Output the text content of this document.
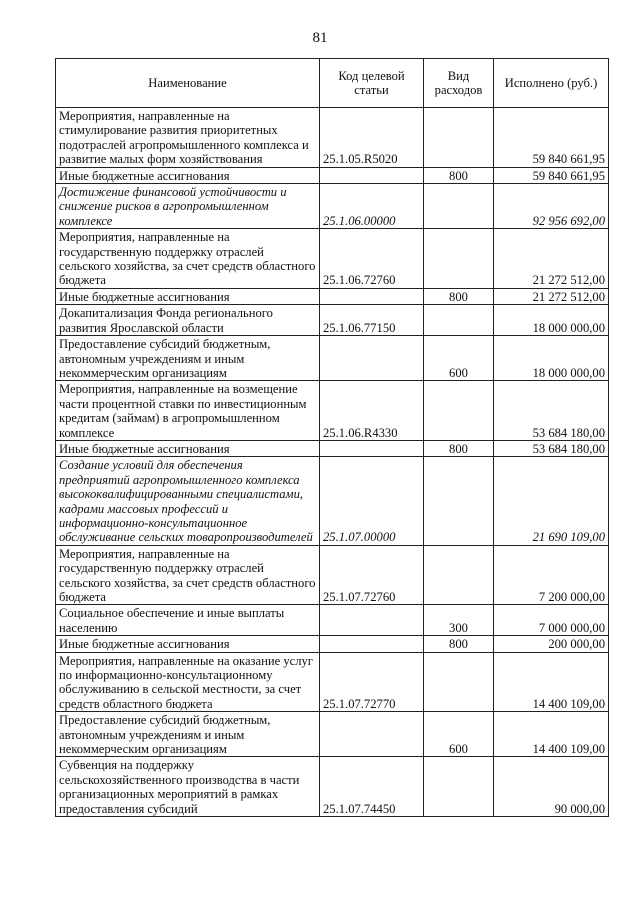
81
Наименование	Код целевой статьи	Вид расходов	Исполнено (руб.)
Мероприятия, направленные на стимулирование развития приоритетных подотраслей агропромышленного комплекса и развитие малых форм хозяйствования	25.1.05.R5020		59 840 661,95
Иные бюджетные ассигнования		800	59 840 661,95
Достижение финансовой устойчивости и снижение рисков в агропромышленном комплексе	25.1.06.00000		92 956 692,00
Мероприятия, направленные на государственную поддержку отраслей сельского хозяйства, за счет средств областного бюджета	25.1.06.72760		21 272 512,00
Иные бюджетные ассигнования		800	21 272 512,00
Докапитализация Фонда регионального развития Ярославской области	25.1.06.77150		18 000 000,00
Предоставление субсидий бюджетным, автономным учреждениям и иным некоммерческим организациям		600	18 000 000,00
Мероприятия, направленные на возмещение части процентной ставки по инвестиционным кредитам (займам) в агропромышленном комплексе	25.1.06.R4330		53 684 180,00
Иные бюджетные ассигнования		800	53 684 180,00
Создание условий для обеспечения предприятий агропромышленного комплекса высококвалифицированными специалистами, кадрами массовых профессий и информационно-консультационное обслуживание сельских товаропроизводителей	25.1.07.00000		21 690 109,00
Мероприятия, направленные на государственную поддержку отраслей сельского хозяйства, за счет средств областного бюджета	25.1.07.72760		7 200 000,00
Социальное обеспечение и иные выплаты населению		300	7 000 000,00
Иные бюджетные ассигнования		800	200 000,00
Мероприятия, направленные на оказание услуг по информационно-консультационному обслуживанию в сельской местности, за счет средств областного бюджета	25.1.07.72770		14 400 109,00
Предоставление субсидий бюджетным, автономным учреждениям и иным некоммерческим организациям		600	14 400 109,00
Субвенция на поддержку сельскохозяйственного производства в части организационных мероприятий в рамках предоставления субсидий	25.1.07.74450		90 000,00
